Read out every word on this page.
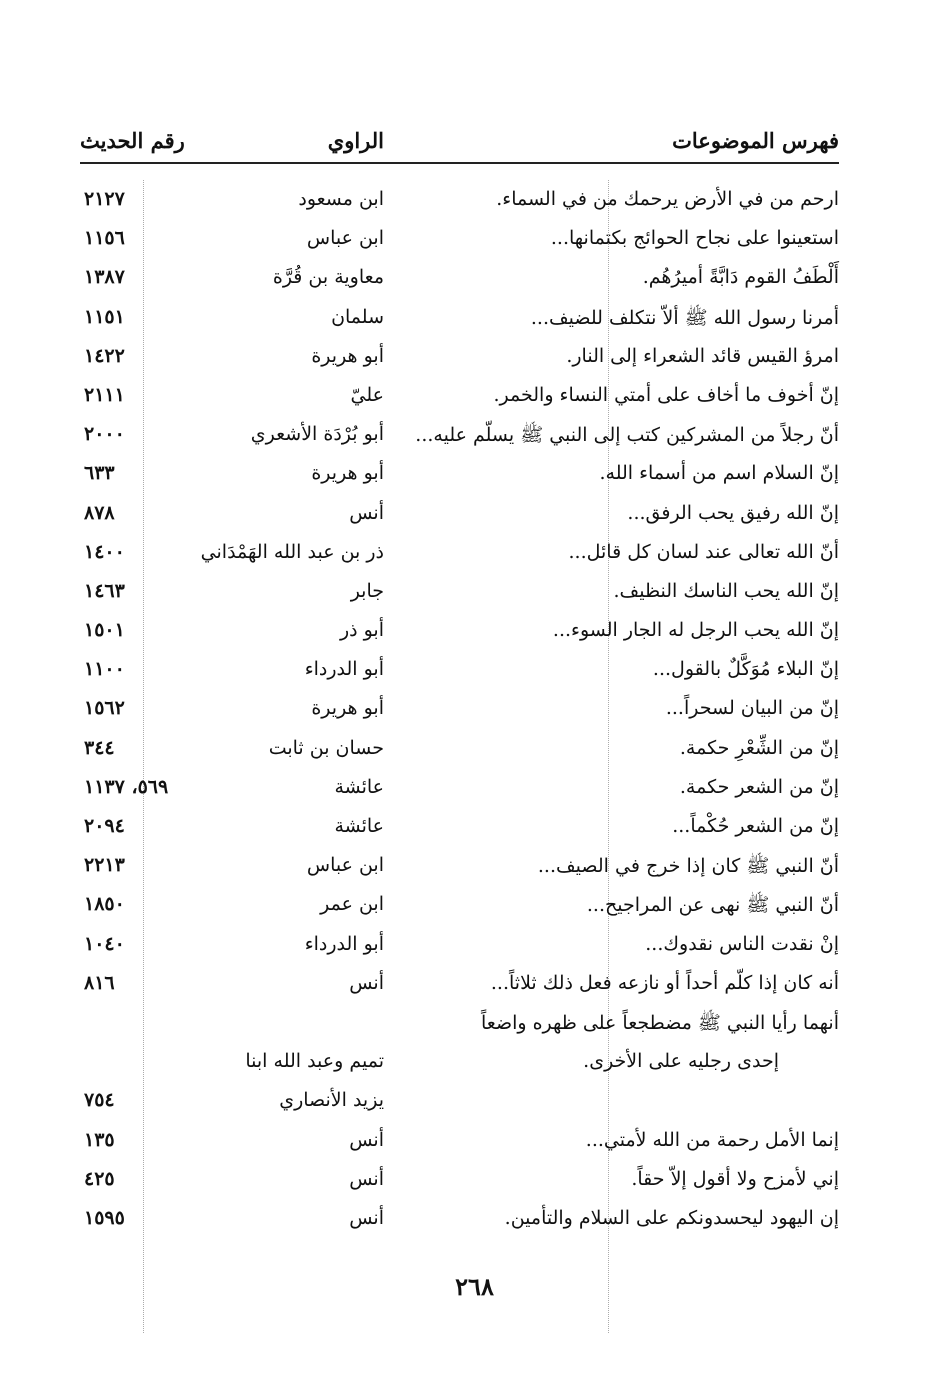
فهرس الموضوعات
الراوي
رقم الحديث
ارحم من في الأرض يرحمك من في السماء.
ابن مسعود
٢١٢٧
استعينوا على نجاح الحوائج بكتمانها...
ابن عباس
١١٥٦
أَلْطَفُ القوم دَابَّةً أميرُهُم.
معاوية بن قُرَّة
١٣٨٧
أمرنا رسول الله ﷺ ألاّ نتكلف للضيف...
سلمان
١١٥١
امرؤ القيس قائد الشعراء إلى النار.
أبو هريرة
١٤٢٢
إنّ أخوف ما أخاف على أمتي النساء والخمر.
عليّ
٢١١١
أنّ رجلاً من المشركين كتب إلى النبي ﷺ يسلّم عليه...
أبو بُرْدَة الأشعري
٢٠٠٠
إنّ السلام اسم من أسماء الله.
أبو هريرة
٦٣٣
إنّ الله رفيق يحب الرفق...
أنس
٨٧٨
أنّ الله تعالى عند لسان كل قائل...
ذر بن عبد الله الهَمْدَاني
١٤٠٠
إنّ الله يحب الناسك النظيف.
جابر
١٤٦٣
إنّ الله يحب الرجل له الجار السوء...
أبو ذر
١٥٠١
إنّ البلاء مُوَكَّلٌ بالقول...
أبو الدرداء
١١٠٠
إنّ من البيان لسحراً...
أبو هريرة
١٥٦٢
إنّ من الشِّعْرِ حكمة.
حسان بن ثابت
٣٤٤
إنّ من الشعر حكمة.
عائشة
٥٦٩، ١١٣٧
إنّ من الشعر حُكْماً...
عائشة
٢٠٩٤
أنّ النبي ﷺ كان إذا خرج في الصيف...
ابن عباس
٢٢١٣
أنّ النبي ﷺ نهى عن المراجيح...
ابن عمر
١٨٥٠
إنْ نقدت الناس نقدوك...
أبو الدرداء
١٠٤٠
أنه كان إذا كلّم أحداً أو نازعه فعل ذلك ثلاثاً...
أنس
٨١٦
أنهما رأيا النبي ﷺ مضطجعاً على ظهره واضعاً
إحدى رجليه على الأخرى.
تميم وعبد الله ابنا
يزيد الأنصاري
٧٥٤
إنما الأمل رحمة من الله لأمتي...
أنس
١٣٥
إني لأمزح ولا أقول إلاّ حقاً.
أنس
٤٢٥
إن اليهود ليحسدونكم على السلام والتأمين.
أنس
١٥٩٥
٢٦٨
